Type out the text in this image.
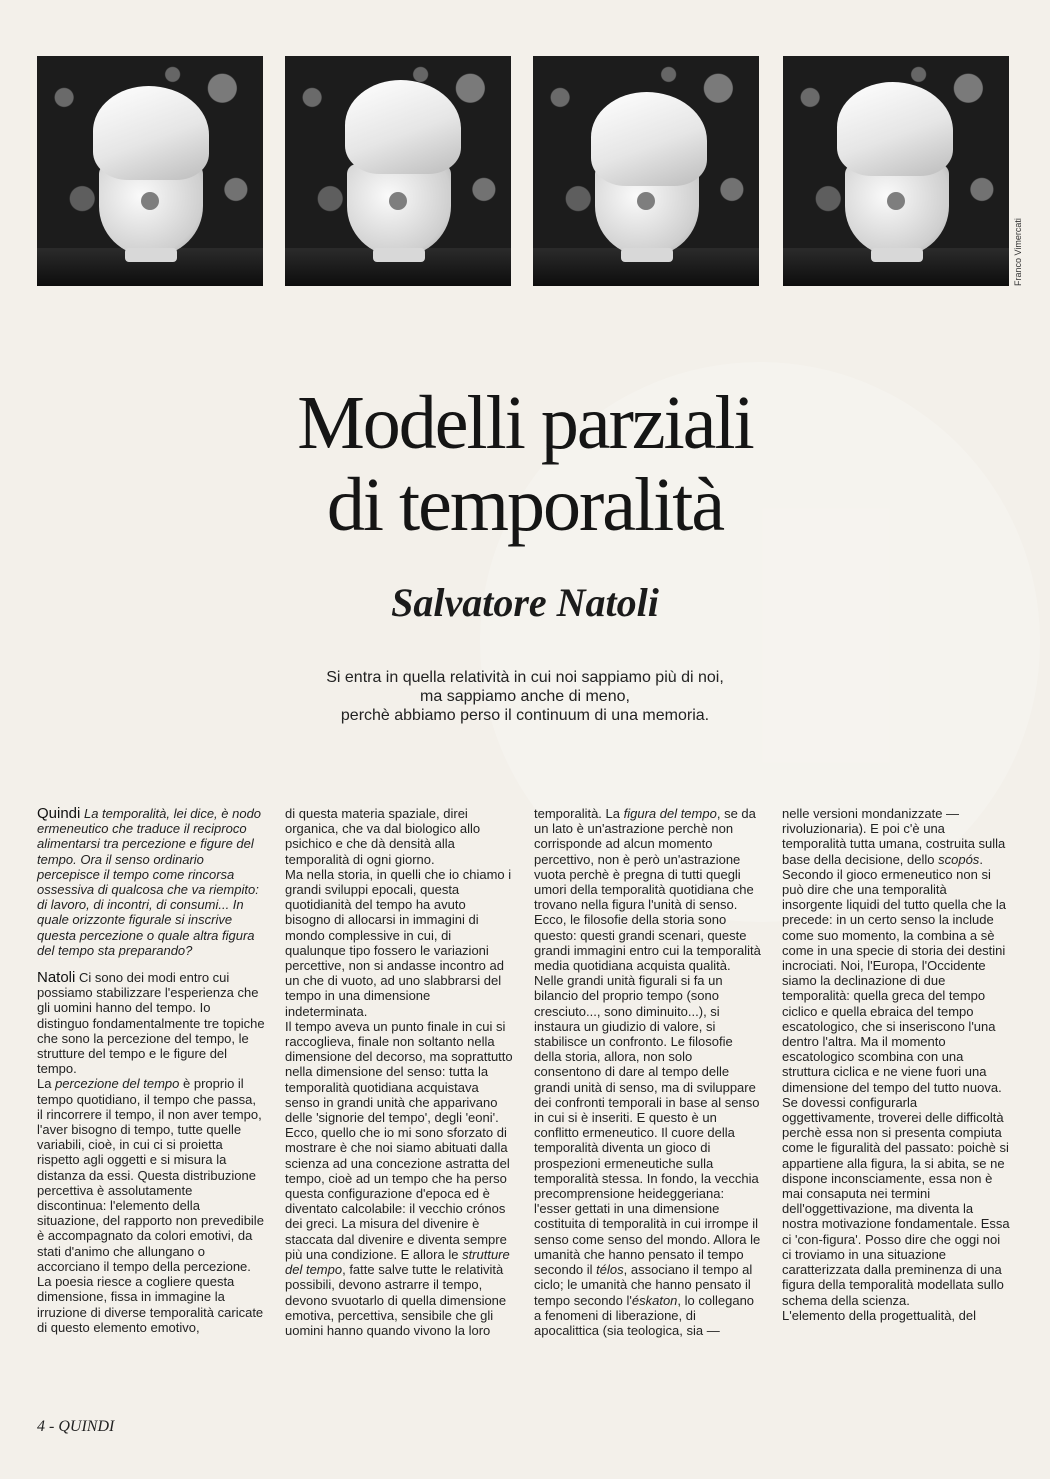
Franco Vimercati
Modelli parziali
di temporalità
Salvatore Natoli
Si entra in quella relatività in cui noi sappiamo più di noi,
ma sappiamo anche di meno,
perchè abbiamo perso il continuum di una memoria.

Quindi La temporalità, lei dice, è nodo ermeneutico che traduce il reciproco alimentarsi tra percezione e figure del tempo. Ora il senso ordinario percepisce il tempo come rincorsa ossessiva di qualcosa che va riempito: di lavoro, di incontri, di consumi... In quale orizzonte figurale si inscrive questa percezione o quale altra figura del tempo sta preparando?

Natoli Ci sono dei modi entro cui possiamo stabilizzare l'esperienza che gli uomini hanno del tempo. Io distinguo fondamentalmente tre topiche che sono la percezione del tempo, le strutture del tempo e le figure del tempo.

La percezione del tempo è proprio il tempo quotidiano, il tempo che passa, il rincorrere il tempo, il non aver tempo, l'aver bisogno di tempo, tutte quelle variabili, cioè, in cui ci si proietta rispetto agli oggetti e si misura la distanza da essi. Questa distribuzione percettiva è assolutamente discontinua: l'elemento della situazione, del rapporto non prevedibile è accompagnato da colori emotivi, da stati d'animo che allungano o accorciano il tempo della percezione. La poesia riesce a cogliere questa dimensione, fissa in immagine la irruzione di diverse temporalità caricate di questo elemento emotivo,

di questa materia spaziale, direi organica, che va dal biologico allo psichico e che dà densità alla temporalità di ogni giorno.

Ma nella storia, in quelli che io chiamo i grandi sviluppi epocali, questa quotidianità del tempo ha avuto bisogno di allocarsi in immagini di mondo complessive in cui, di qualunque tipo fossero le variazioni percettive, non si andasse incontro ad un che di vuoto, ad uno slabbrarsi del tempo in una dimensione indeterminata.

Il tempo aveva un punto finale in cui si raccoglieva, finale non soltanto nella dimensione del decorso, ma soprattutto nella dimensione del senso: tutta la temporalità quotidiana acquistava senso in grandi unità che apparivano delle 'signorie del tempo', degli 'eoni'. Ecco, quello che io mi sono sforzato di mostrare è che noi siamo abituati dalla scienza ad una concezione astratta del tempo, cioè ad un tempo che ha perso questa configurazione d'epoca ed è diventato calcolabile: il vecchio crónos dei greci. La misura del divenire è staccata dal divenire e diventa sempre più una condizione. E allora le strutture del tempo, fatte salve tutte le relatività possibili, devono astrarre il tempo, devono svuotarlo di quella dimensione emotiva, percettiva, sensibile che gli uomini hanno quando vivono la loro

temporalità. La figura del tempo, se da un lato è un'astrazione perchè non corrisponde ad alcun momento percettivo, non è però un'astrazione vuota perchè è pregna di tutti quegli umori della temporalità quotidiana che trovano nella figura l'unità di senso.

Ecco, le filosofie della storia sono questo: questi grandi scenari, queste grandi immagini entro cui la temporalità media quotidiana acquista qualità. Nelle grandi unità figurali si fa un bilancio del proprio tempo (sono cresciuto..., sono diminuito...), si instaura un giudizio di valore, si stabilisce un confronto. Le filosofie della storia, allora, non solo consentono di dare al tempo delle grandi unità di senso, ma di sviluppare dei confronti temporali in base al senso in cui si è inseriti. E questo è un conflitto ermeneutico. Il cuore della temporalità diventa un gioco di prospezioni ermeneutiche sulla temporalità stessa. In fondo, la vecchia precomprensione heideggeriana: l'esser gettati in una dimensione costituita di temporalità in cui irrompe il senso come senso del mondo. Allora le umanità che hanno pensato il tempo secondo il télos, associano il tempo al ciclo; le umanità che hanno pensato il tempo secondo l'éskaton, lo collegano a fenomeni di liberazione, di apocalittica (sia teologica, sia —

nelle versioni mondanizzate — rivoluzionaria). E poi c'è una temporalità tutta umana, costruita sulla base della decisione, dello scopós.

Secondo il gioco ermeneutico non si può dire che una temporalità insorgente liquidi del tutto quella che la precede: in un certo senso la include come suo momento, la combina a sè come in una specie di storia dei destini incrociati. Noi, l'Europa, l'Occidente siamo la declinazione di due temporalità: quella greca del tempo ciclico e quella ebraica del tempo escatologico, che si inseriscono l'una dentro l'altra. Ma il momento escatologico scombina con una struttura ciclica e ne viene fuori una dimensione del tempo del tutto nuova. Se dovessi configurarla oggettivamente, troverei delle difficoltà perchè essa non si presenta compiuta come le figuralità del passato: poichè si appartiene alla figura, la si abita, se ne dispone inconsciamente, essa non è mai consaputa nei termini dell'oggettivazione, ma diventa la nostra motivazione fondamentale. Essa ci 'con-figura'. Posso dire che oggi noi ci troviamo in una situazione caratterizzata dalla preminenza di una figura della temporalità modellata sullo schema della scienza.

L'elemento della progettualità, del

4 - QUINDI
